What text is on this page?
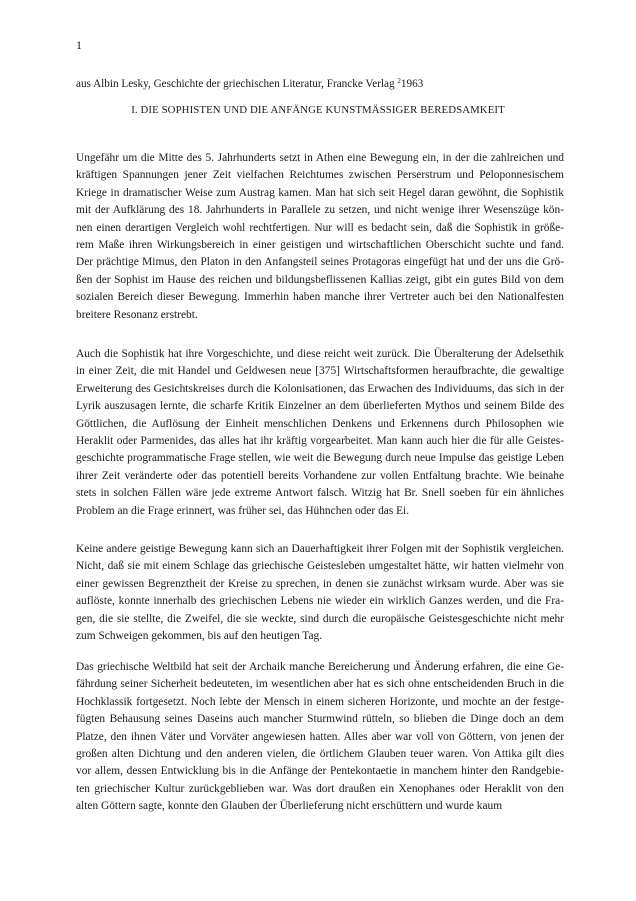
1
aus Albin Lesky, Geschichte der griechischen Literatur, Francke Verlag $^2$1963
I. DIE SOPHISTEN UND DIE ANFÄNGE KUNSTMÄSSIGER BEREDSAMKEIT
Ungefähr um die Mitte des 5. Jahrhunderts setzt in Athen eine Bewegung ein, in der die zahlreichen und
kräftigen Spannungen jener Zeit vielfachen Reichtumes zwischen Perserstrum und Peloponnesischem
Kriege in dramatischer Weise zum Austrag kamen. Man hat sich seit Hegel daran gewöhnt, die Sophistik
mit der Aufklärung des 18. Jahrhunderts in Parallele zu setzen, und nicht wenige ihrer Wesenszüge kön-
nen einen derartigen Vergleich wohl rechtfertigen. Nur will es bedacht sein, daß die Sophistik in größe-
rem Maße ihren Wirkungsbereich in einer geistigen und wirtschaftlichen Oberschicht suchte und fand.
Der prächtige Mimus, den Platon in den Anfangsteil seines Protagoras eingefügt hat und der uns die Grö-
ßen der Sophist im Hause des reichen und bildungsbeflissenen Kallias zeigt, gibt ein gutes Bild von dem
sozialen Bereich dieser Bewegung. Immerhin haben manche ihrer Vertreter auch bei den Nationalfesten
breitere Resonanz erstrebt.
Auch die Sophistik hat ihre Vorgeschichte, und diese reicht weit zurück. Die Überalterung der Adelsethik
in einer Zeit, die mit Handel und Geldwesen neue [375] Wirtschaftsformen heraufbrachte, die gewaltige
Erweiterung des Gesichtskreises durch die Kolonisationen, das Erwachen des Individuums, das sich in der
Lyrik auszusagen lernte, die scharfe Kritik Einzelner an dem überlieferten Mythos und seinem Bilde des
Göttlichen, die Auflösung der Einheit menschlichen Denkens und Erkennens durch Philosophen wie
Heraklit oder Parmenides, das alles hat ihr kräftig vorgearbeitet. Man kann auch hier die für alle Geistes-
geschichte programmatische Frage stellen, wie weit die Bewegung durch neue Impulse das geistige Leben
ihrer Zeit veränderte oder das potentiell bereits Vorhandene zur vollen Entfaltung brachte. Wie beinahe
stets in solchen Fällen wäre jede extreme Antwort falsch. Witzig hat Br. Snell soeben für ein ähnliches
Problem an die Frage erinnert, was früher sei, das Hühnchen oder das Ei.
Keine andere geistige Bewegung kann sich an Dauerhaftigkeit ihrer Folgen mit der Sophistik vergleichen.
Nicht, daß sie mit einem Schlage das griechische Geistesleben umgestaltet hätte, wir hatten vielmehr von
einer gewissen Begrenztheit der Kreise zu sprechen, in denen sie zunächst wirksam wurde. Aber was sie
auflöste, konnte innerhalb des griechischen Lebens nie wieder ein wirklich Ganzes werden, und die Fra-
gen, die sie stellte, die Zweifel, die sie weckte, sind durch die europäische Geistesgeschichte nicht mehr
zum Schweigen gekommen, bis auf den heutigen Tag.
Das griechische Weltbild hat seit der Archaik manche Bereicherung und Änderung erfahren, die eine Ge-
fährdung seiner Sicherheit bedeuteten, im wesentlichen aber hat es sich ohne entscheidenden Bruch in die
Hochklassik fortgesetzt. Noch lebte der Mensch in einem sicheren Horizonte, und mochte an der festge-
fügten Behausung seines Daseins auch mancher Sturmwind rütteln, so blieben die Dinge doch an dem
Platze, den ihnen Väter und Vorväter angewiesen hatten. Alles aber war voll von Göttern, von jenen der
großen alten Dichtung und den anderen vielen, die örtlichem Glauben teuer waren. Von Attika gilt dies
vor allem, dessen Entwicklung bis in die Anfänge der Pentekontaetie in manchem hinter den Randgebie-
ten griechischer Kultur zurückgeblieben war. Was dort draußen ein Xenophanes oder Heraklit von den
alten Göttern sagte, konnte den Glauben der Überlieferung nicht erschüttern und wurde kaum
